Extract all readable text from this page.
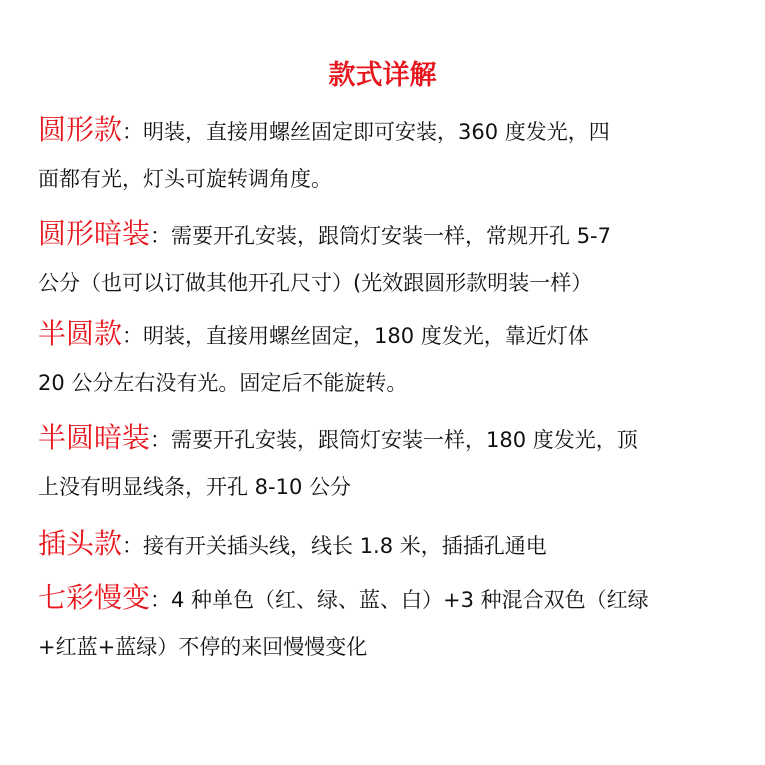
款式详解
圆形款：明装，直接用螺丝固定即可安装，360 度发光，四
面都有光，灯头可旋转调角度。
圆形暗装：需要开孔安装，跟筒灯安装一样，常规开孔 5-7
公分（也可以订做其他开孔尺寸）(光效跟圆形款明装一样）
半圆款：明装，直接用螺丝固定，180 度发光，靠近灯体
20 公分左右没有光。固定后不能旋转。
半圆暗装：需要开孔安装，跟筒灯安装一样，180 度发光，顶
上没有明显线条，开孔 8-10 公分
插头款：接有开关插头线，线长 1.8 米，插插孔通电
七彩慢变：4 种单色（红、绿、蓝、白）+3 种混合双色（红绿
+红蓝+蓝绿）不停的来回慢慢变化
